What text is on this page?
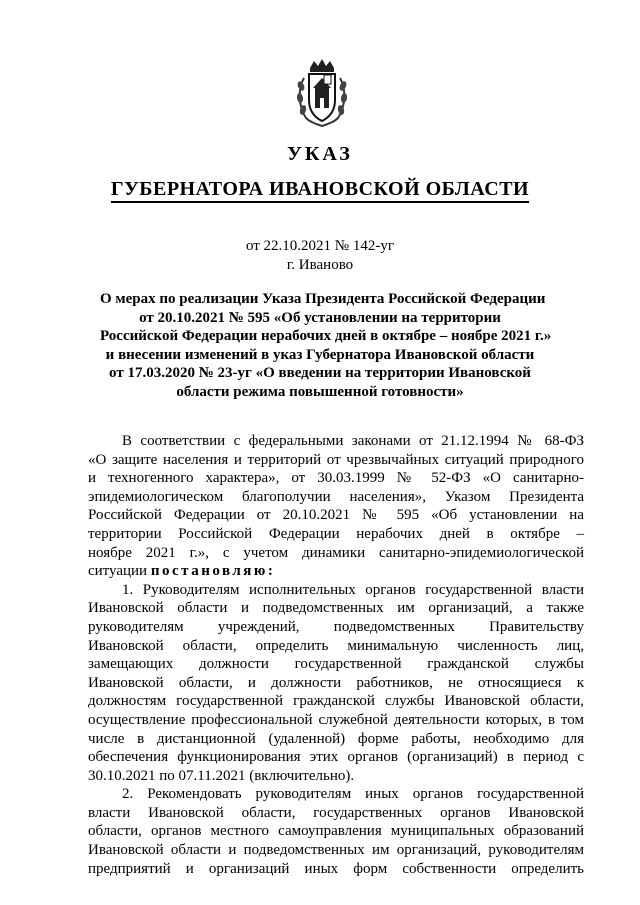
УКАЗ
ГУБЕРНАТОРА ИВАНОВСКОЙ ОБЛАСТИ
от 22.10.2021 № 142-уг
г. Иваново
О мерах по реализации Указа Президента Российской Федерации
от 20.10.2021 № 595 «Об установлении на территории
Российской Федерации нерабочих дней в октябре – ноябре 2021 г.»
и внесении изменений в указ Губернатора Ивановской области
от 17.03.2020 № 23-уг «О введении на территории Ивановской
области режима повышенной готовности»
В соответствии с федеральными законами от 21.12.1994 № 68-ФЗ
«О защите населения и территорий от чрезвычайных ситуаций природного
и техногенного характера», от 30.03.1999 № 52-ФЗ «О санитарно-
эпидемиологическом благополучии населения», Указом Президента
Российской Федерации от 20.10.2021 № 595 «Об установлении на
территории Российской Федерации нерабочих дней в октябре –
ноябре 2021 г.», с учетом динамики санитарно-эпидемиологической
ситуации постановляю:
1. Руководителям исполнительных органов государственной власти
Ивановской области и подведомственных им организаций, а также
руководителям учреждений, подведомственных Правительству
Ивановской области, определить минимальную численность лиц,
замещающих должности государственной гражданской службы
Ивановской области, и должности работников, не относящиеся к
должностям государственной гражданской службы Ивановской области,
осуществление профессиональной служебной деятельности которых, в том
числе в дистанционной (удаленной) форме работы, необходимо для
обеспечения функционирования этих органов (организаций) в период с
30.10.2021 по 07.11.2021 (включительно).
2. Рекомендовать руководителям иных органов государственной
власти Ивановской области, государственных органов Ивановской
области, органов местного самоуправления муниципальных образований
Ивановской области и подведомственных им организаций, руководителям
предприятий и организаций иных форм собственности определить
